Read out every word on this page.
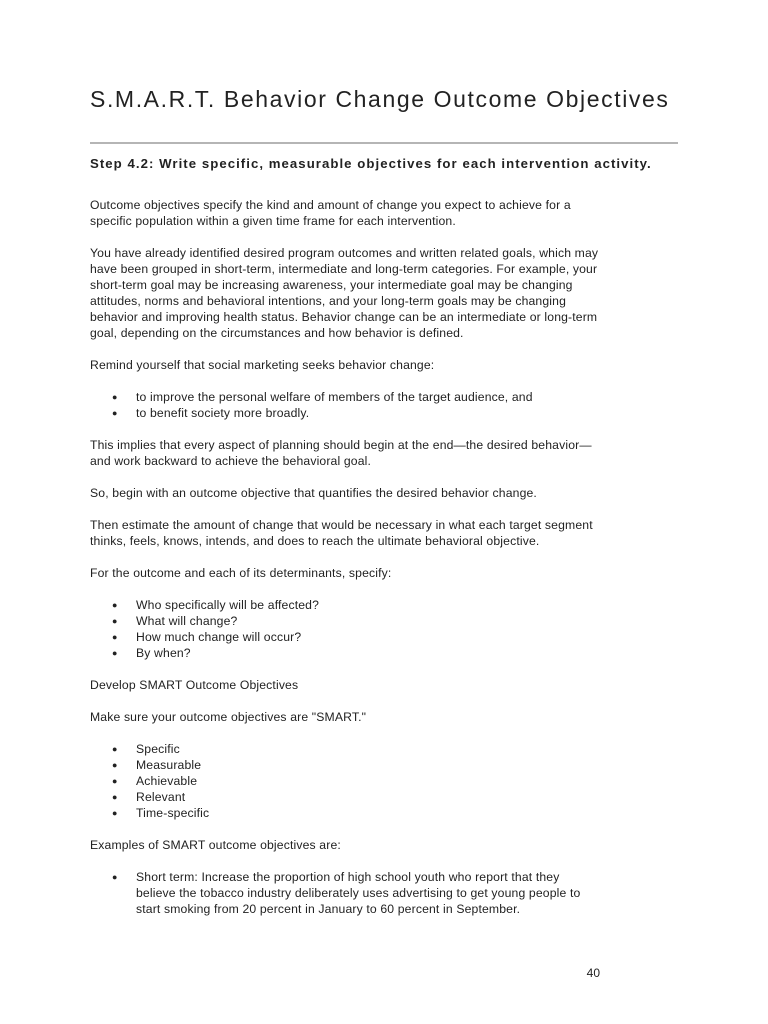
S.M.A.R.T. Behavior Change Outcome Objectives
Step 4.2: Write specific, measurable objectives for each intervention activity.

Outcome objectives specify the kind and amount of change you expect to achieve for a
specific population within a given time frame for each intervention.

You have already identified desired program outcomes and written related goals, which may
have been grouped in short-term, intermediate and long-term categories. For example, your
short-term goal may be increasing awareness, your intermediate goal may be changing
attitudes, norms and behavioral intentions, and your long-term goals may be changing
behavior and improving health status. Behavior change can be an intermediate or long-term
goal, depending on the circumstances and how behavior is defined.

Remind yourself that social marketing seeks behavior change:

● to improve the personal welfare of members of the target audience, and
● to benefit society more broadly.

This implies that every aspect of planning should begin at the end—the desired behavior—
and work backward to achieve the behavioral goal.

So, begin with an outcome objective that quantifies the desired behavior change.

Then estimate the amount of change that would be necessary in what each target segment
thinks, feels, knows, intends, and does to reach the ultimate behavioral objective.

For the outcome and each of its determinants, specify:

● Who specifically will be affected?
● What will change?
● How much change will occur?
● By when?

Develop SMART Outcome Objectives

Make sure your outcome objectives are "SMART."

● Specific
● Measurable
● Achievable
● Relevant
● Time-specific

Examples of SMART outcome objectives are:

● Short term: Increase the proportion of high school youth who report that they
believe the tobacco industry deliberately uses advertising to get young people to
start smoking from 20 percent in January to 60 percent in September.
40
